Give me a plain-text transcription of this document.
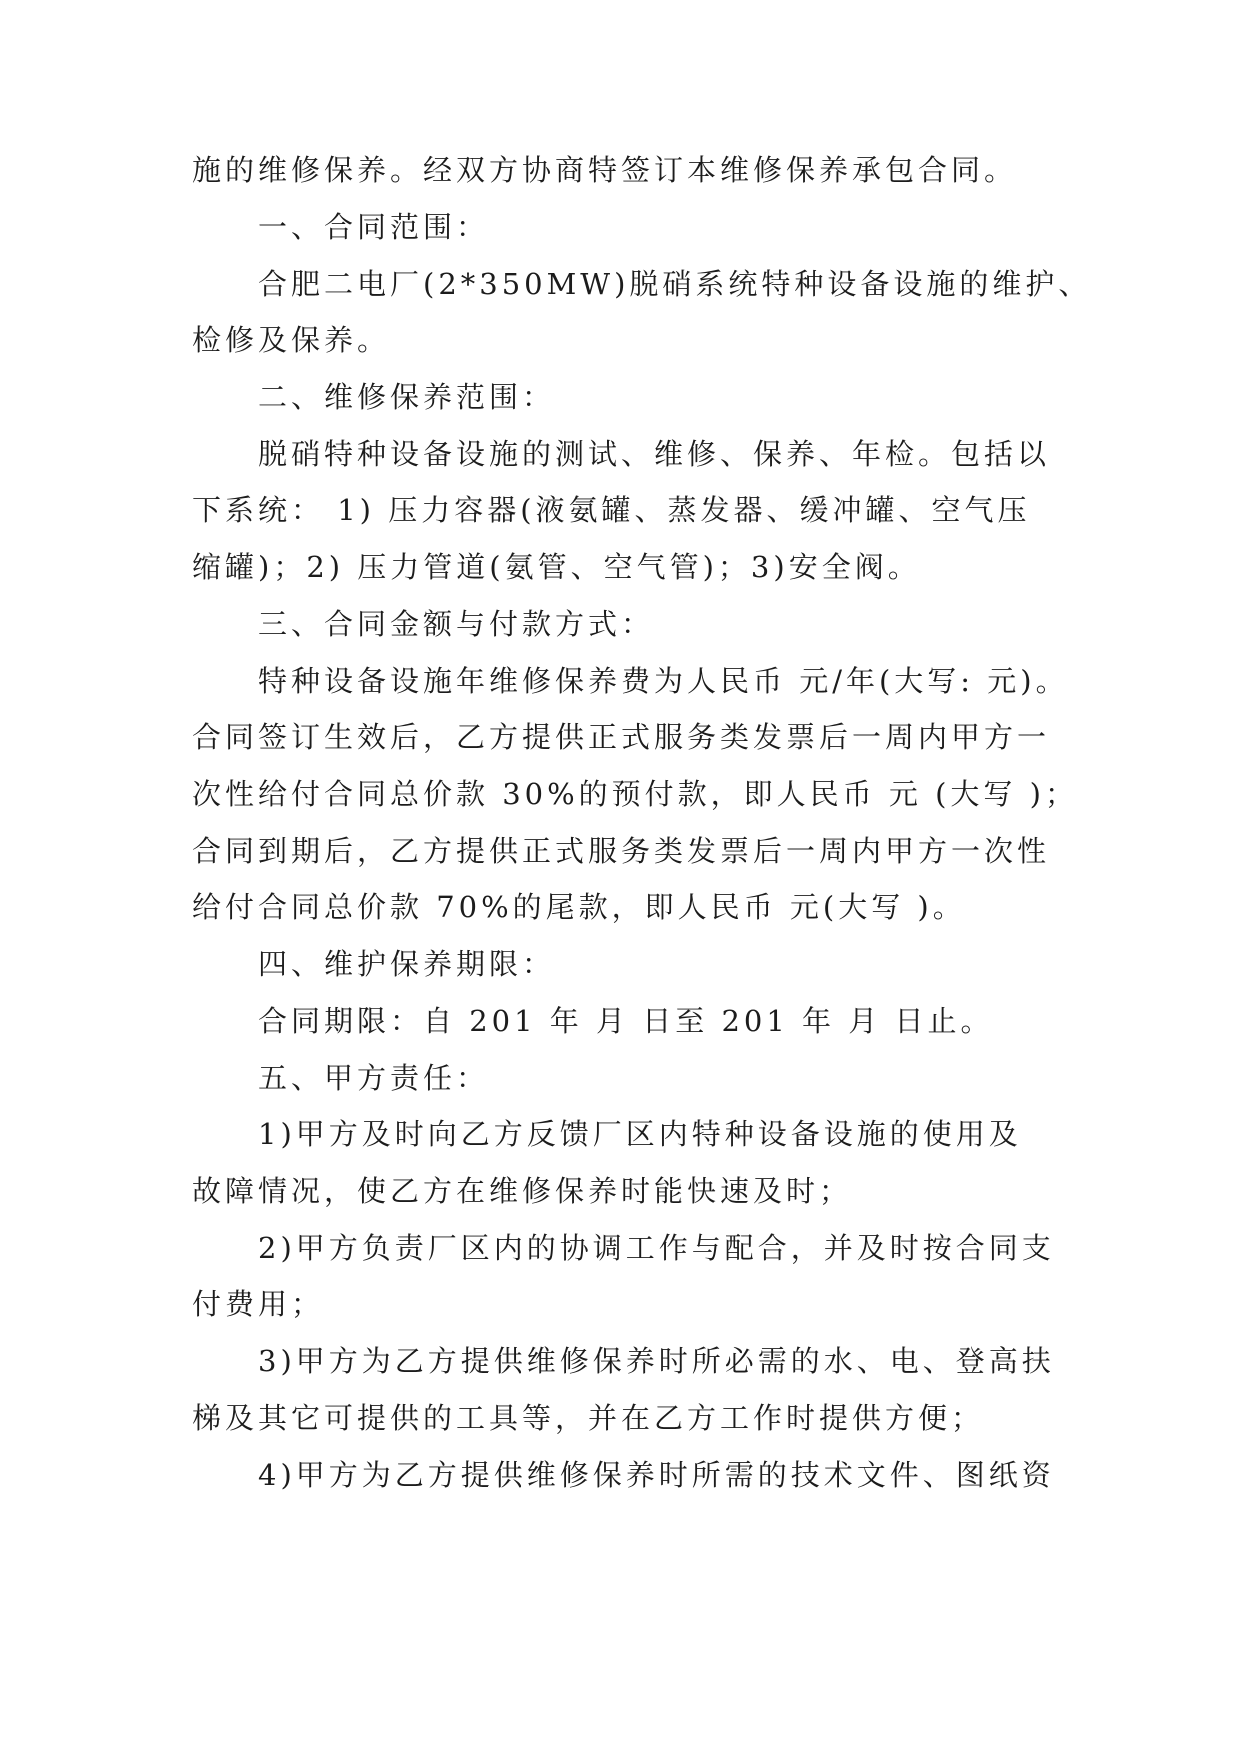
施的维修保养。经双方协商特签订本维修保养承包合同。
一、合同范围：
合肥二电厂(2*350MW)脱硝系统特种设备设施的维护、
检修及保养。
二、维修保养范围：
脱硝特种设备设施的测试、维修、保养、年检。包括以
下系统： 1) 压力容器(液氨罐、蒸发器、缓冲罐、空气压
缩罐)；2) 压力管道(氨管、空气管)；3)安全阀。
三、合同金额与付款方式：
特种设备设施年维修保养费为人民币 元/年(大写: 元)。
合同签订生效后，乙方提供正式服务类发票后一周内甲方一
次性给付合同总价款 30%的预付款，即人民币 元 (大写 )；
合同到期后，乙方提供正式服务类发票后一周内甲方一次性
给付合同总价款 70%的尾款，即人民币 元(大写 )。
四、维护保养期限：
合同期限：自 201 年 月 日至 201 年 月 日止。
五、甲方责任：
1)甲方及时向乙方反馈厂区内特种设备设施的使用及
故障情况，使乙方在维修保养时能快速及时；
2)甲方负责厂区内的协调工作与配合，并及时按合同支
付费用；
3)甲方为乙方提供维修保养时所必需的水、电、登高扶
梯及其它可提供的工具等，并在乙方工作时提供方便；
4)甲方为乙方提供维修保养时所需的技术文件、图纸资
